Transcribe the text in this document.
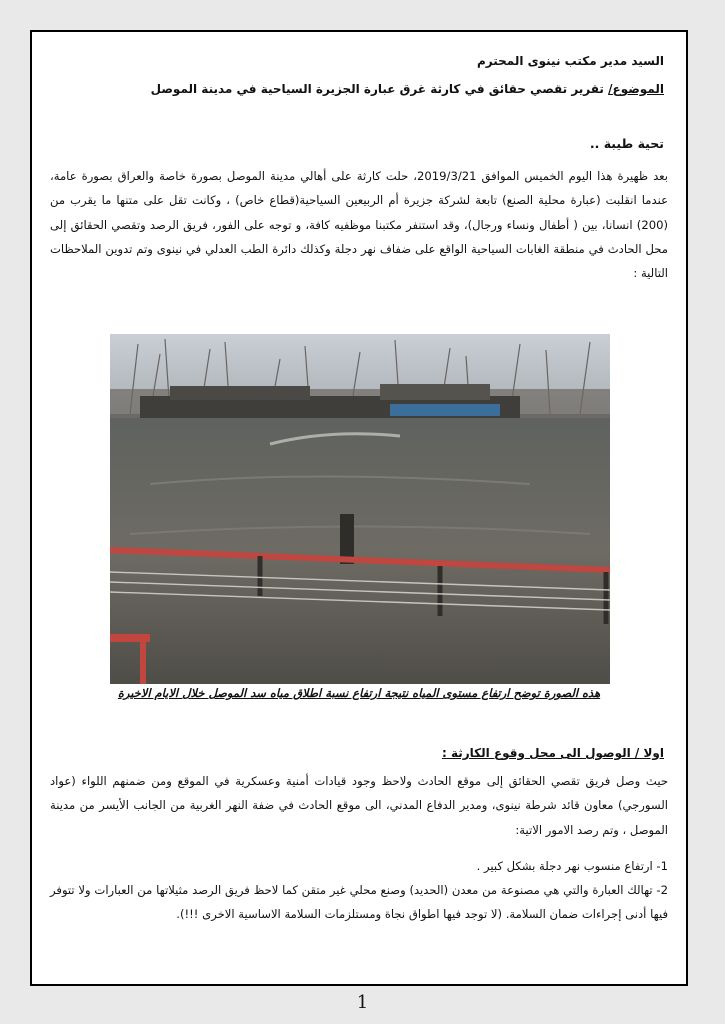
السيد مدير مكتب نينوى المحترم
الموضوع/ تقرير تقصي حقائق في كارثة غرق عبارة الجزيرة السياحية في مدينة الموصل
تحية طيبة ..
بعد ظهيرة هذا اليوم الخميس الموافق 2019/3/21، حلت كارثة على أهالي مدينة الموصل بصورة خاصة والعراق بصورة عامة، عندما انقلبت (عبارة محلية الصنع) تابعة لشركة جزيرة أم الربيعين السياحية(قطاع خاص) ، وكانت تقل على متنها ما يقرب من (200) انسانا، بين ( أطفال ونساء ورجال)، وقد استنفر مكتبنا موظفيه كافة، و توجه على الفور، فريق الرصد وتقصي الحقائق إلى محل الحادث في منطقة الغابات السياحية الواقع على ضفاف نهر دجلة وكذلك دائرة الطب العدلي في نينوى وتم تدوين الملاحظات التالية :
هذه الصورة توضح ارتفاع مستوى المياه نتيجة ارتفاع نسبة اطلاق مياه سد الموصل خلال الايام الاخيرة
اولا / الوصول الى محل وقوع الكارثة :
حيث وصل فريق تقصي الحقائق إلى موقع الحادث ولاحظ وجود قيادات أمنية وعسكرية في الموقع ومن ضمنهم اللواء (عواد السورجي) معاون قائد شرطة نينوى، ومدير الدفاع المدني، الى موقع الحادث في ضفة النهر الغربية من الجانب الأيسر من مدينة الموصل ، وتم رصد الامور الاتية:
1- ارتفاع منسوب نهر دجلة بشكل كبير .
2- تهالك العبارة والتي هي مصنوعة من معدن (الحديد) وصنع محلي غير متقن كما لاحظ فريق الرصد مثيلاتها من العبارات ولا تتوفر فيها أدنى إجراءات ضمان السلامة. (لا توجد فيها اطواق نجاة ومستلزمات السلامة الاساسية الاخرى !!!).
1
